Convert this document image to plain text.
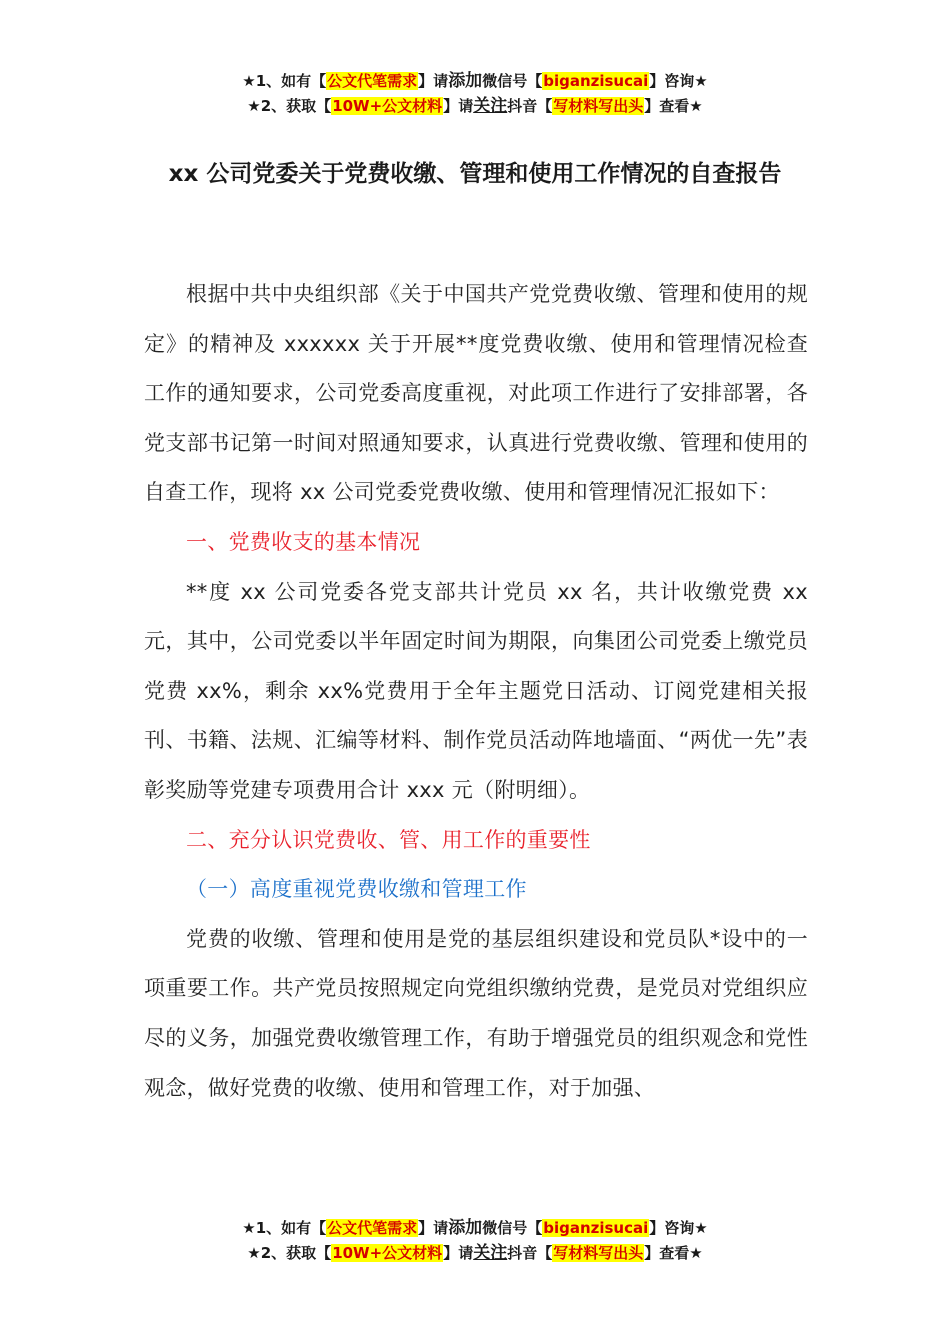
★1、如有【公文代笔需求】请添加微信号【biganzisucai】咨询★
★2、获取【10W+公文材料】请关注抖音【写材料写出头】查看★
xx 公司党委关于党费收缴、管理和使用工作情况的自查报告

根据中共中央组织部《关于中国共产党党费收缴、管理和使用的规定》的精神及 xxxxxx 关于开展**度党费收缴、使用和管理情况检查工作的通知要求，公司党委高度重视，对此项工作进行了安排部署，各党支部书记第一时间对照通知要求，认真进行党费收缴、管理和使用的自查工作，现将 xx 公司党委党费收缴、使用和管理情况汇报如下：

一、党费收支的基本情况

**度 xx 公司党委各党支部共计党员 xx 名，共计收缴党费 xx 元，其中，公司党委以半年固定时间为期限，向集团公司党委上缴党员党费 xx%，剩余 xx%党费用于全年主题党日活动、订阅党建相关报刊、书籍、法规、汇编等材料、制作党员活动阵地墙面、“两优一先”表彰奖励等党建专项费用合计 xxx 元（附明细）。

二、充分认识党费收、管、用工作的重要性

（一）高度重视党费收缴和管理工作

党费的收缴、管理和使用是党的基层组织建设和党员队*设中的一项重要工作。共产党员按照规定向党组织缴纳党费，是党员对党组织应尽的义务，加强党费收缴管理工作，有助于增强党员的组织观念和党性观念，做好党费的收缴、使用和管理工作，对于加强、

★1、如有【公文代笔需求】请添加微信号【biganzisucai】咨询★
★2、获取【10W+公文材料】请关注抖音【写材料写出头】查看★
